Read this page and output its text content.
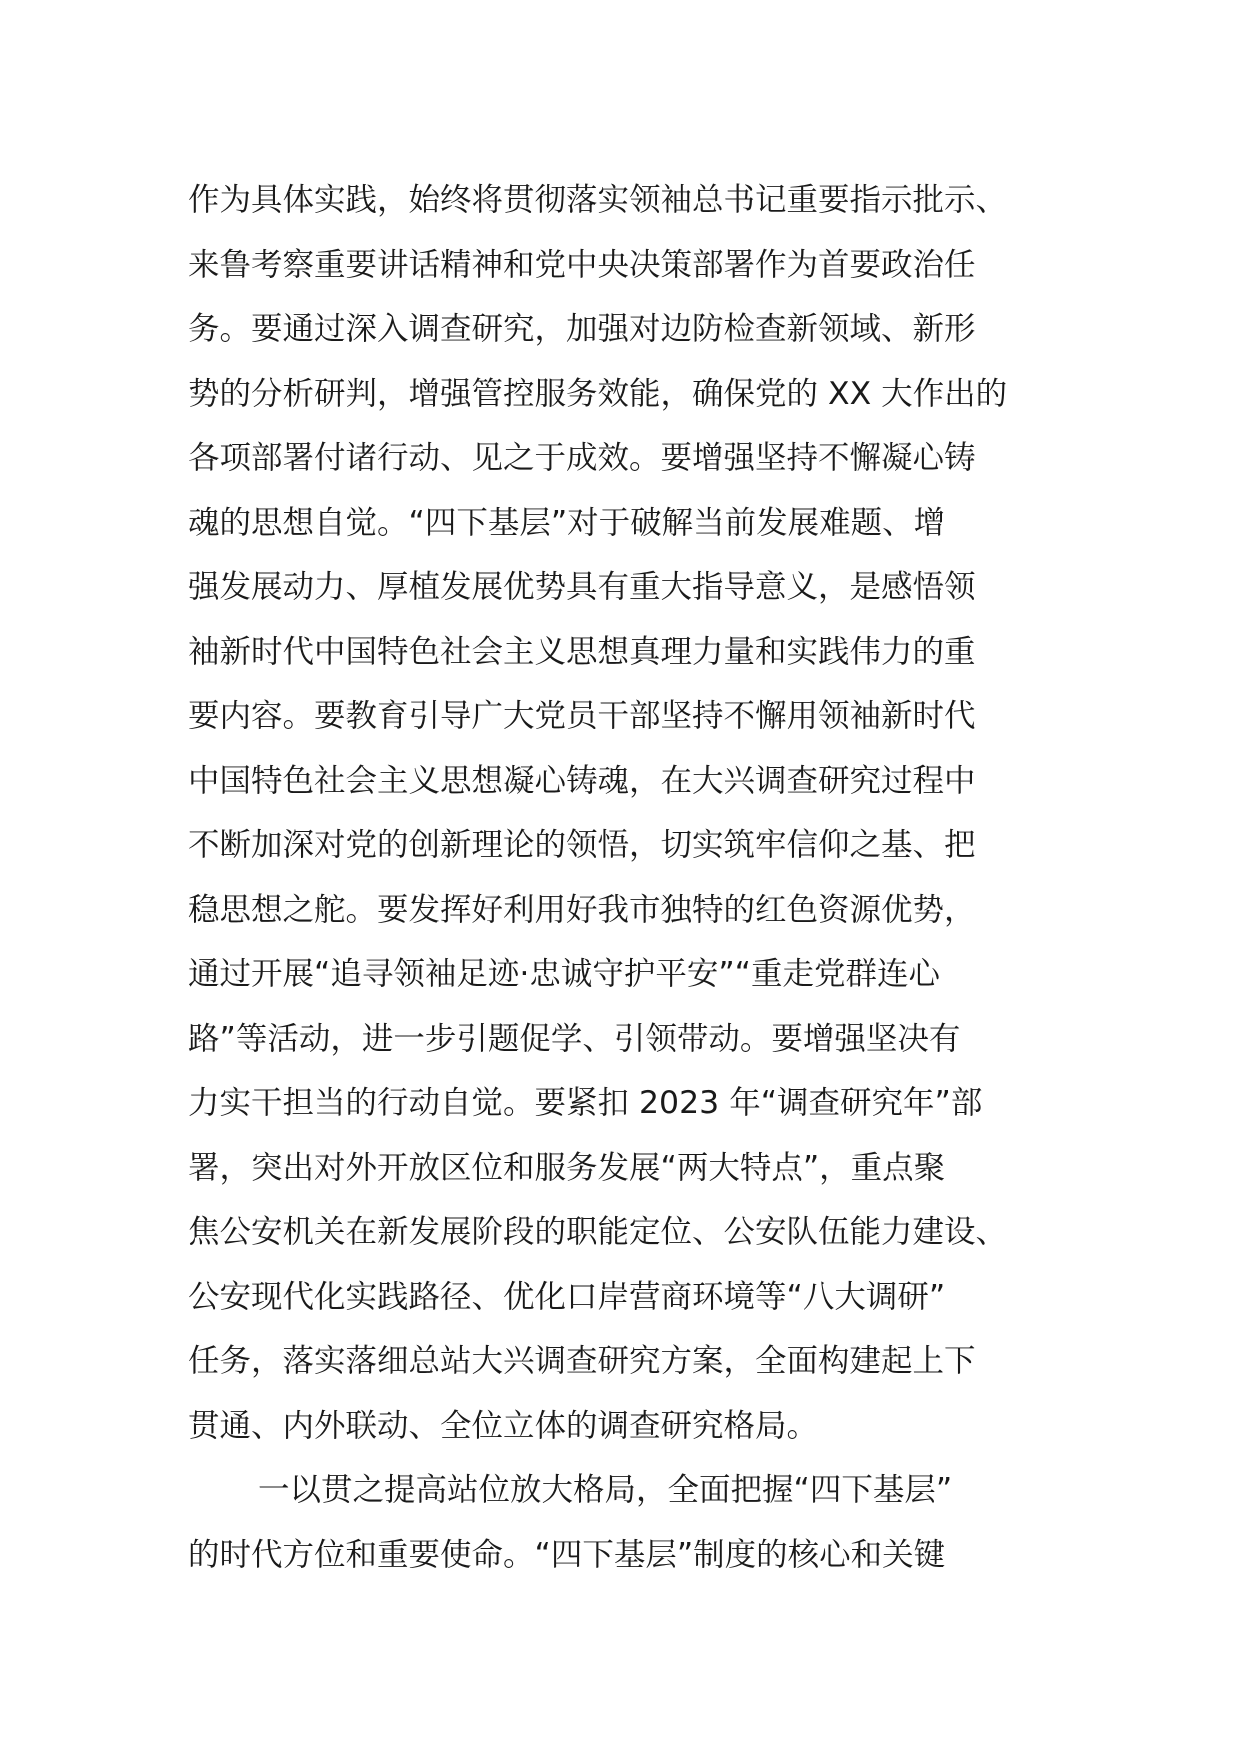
作为具体实践，始终将贯彻落实领袖总书记重要指示批示、
来鲁考察重要讲话精神和党中央决策部署作为首要政治任
务。要通过深入调查研究，加强对边防检查新领域、新形
势的分析研判，增强管控服务效能，确保党的 XX 大作出的
各项部署付诸行动、见之于成效。要增强坚持不懈凝心铸
魂的思想自觉。“四下基层”对于破解当前发展难题、增
强发展动力、厚植发展优势具有重大指导意义，是感悟领
袖新时代中国特色社会主义思想真理力量和实践伟力的重
要内容。要教育引导广大党员干部坚持不懈用领袖新时代
中国特色社会主义思想凝心铸魂，在大兴调查研究过程中
不断加深对党的创新理论的领悟，切实筑牢信仰之基、把
稳思想之舵。要发挥好利用好我市独特的红色资源优势，
通过开展“追寻领袖足迹·忠诚守护平安”“重走党群连心
路”等活动，进一步引题促学、引领带动。要增强坚决有
力实干担当的行动自觉。要紧扣 2023 年“调查研究年”部
署，突出对外开放区位和服务发展“两大特点”，重点聚
焦公安机关在新发展阶段的职能定位、公安队伍能力建设、
公安现代化实践路径、优化口岸营商环境等“八大调研”
任务，落实落细总站大兴调查研究方案，全面构建起上下
贯通、内外联动、全位立体的调查研究格局。
一以贯之提高站位放大格局，全面把握“四下基层”
的时代方位和重要使命。“四下基层”制度的核心和关键
